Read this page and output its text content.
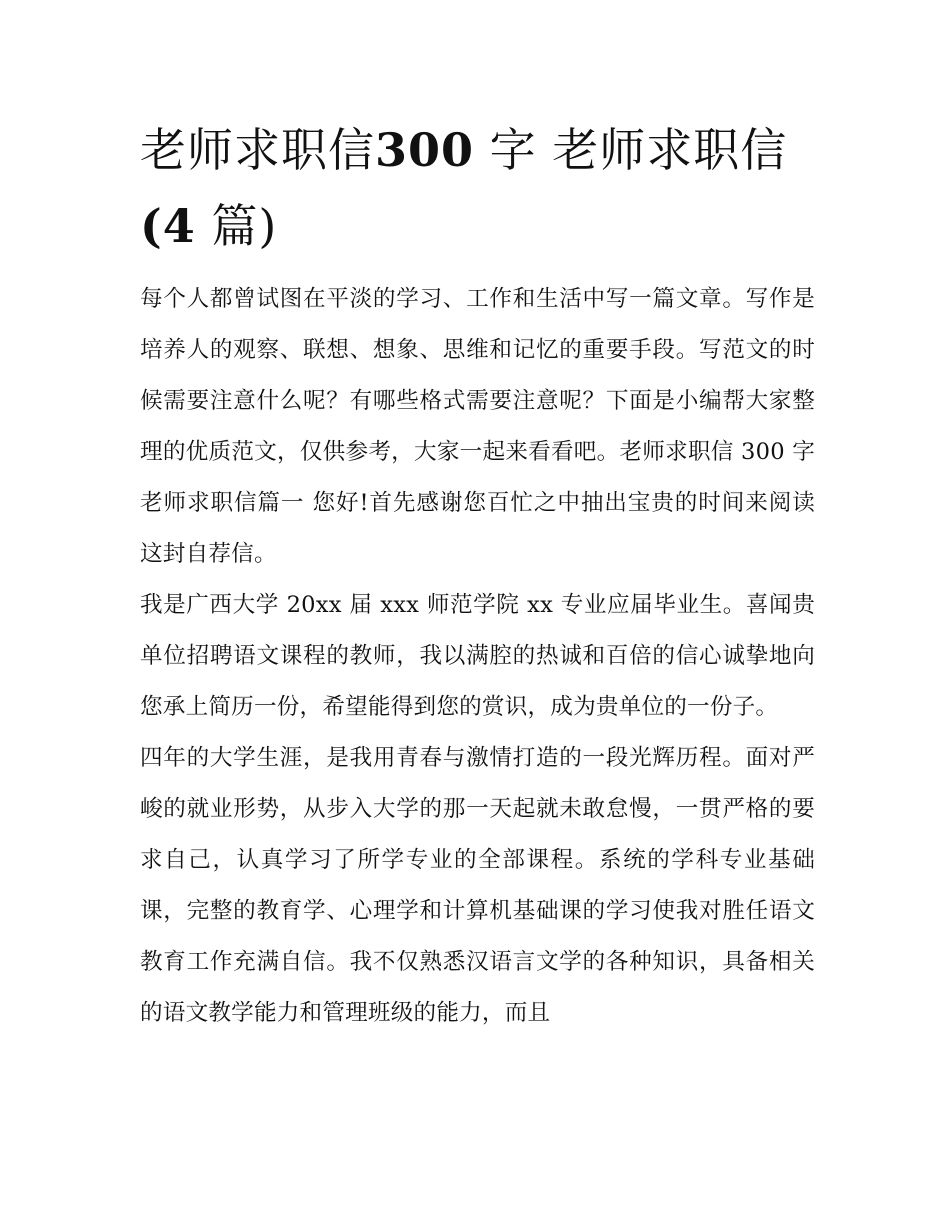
老师求职信300 字 老师求职信
(4 篇)

每个人都曾试图在平淡的学习、工作和生活中写一篇文章。写作是培养人的观察、联想、想象、思维和记忆的重要手段。写范文的时候需要注意什么呢？有哪些格式需要注意呢？下面是小编帮大家整理的优质范文，仅供参考，大家一起来看看吧。老师求职信 300 字 老师求职信篇一 您好!首先感谢您百忙之中抽出宝贵的时间来阅读这封自荐信。

我是广西大学 20xx 届 xxx 师范学院 xx 专业应届毕业生。喜闻贵单位招聘语文课程的教师，我以满腔的热诚和百倍的信心诚挚地向您承上简历一份，希望能得到您的赏识，成为贵单位的一份子。

四年的大学生涯，是我用青春与激情打造的一段光辉历程。面对严峻的就业形势，从步入大学的那一天起就未敢怠慢，一贯严格的要求自己，认真学习了所学专业的全部课程。系统的学科专业基础课，完整的教育学、心理学和计算机基础课的学习使我对胜任语文教育工作充满自信。我不仅熟悉汉语言文学的各种知识，具备相关的语文教学能力和管理班级的能力，而且
